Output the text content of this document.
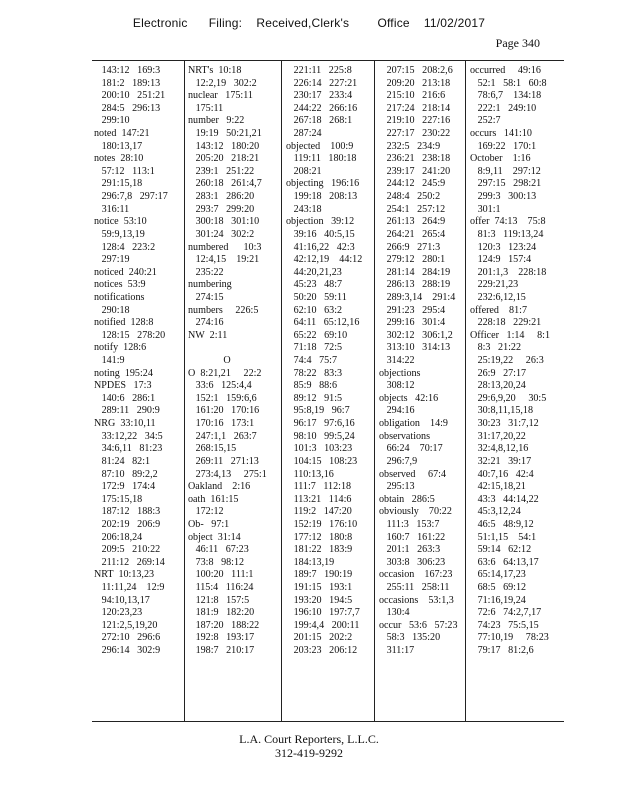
Electronic      Filing:    Received,Clerk's        Office    11/02/2017
Page 340
143:12   169:3
181:2   189:13
200:10   251:21
284:5   296:13
299:10
noted  147:21
180:13,17
notes  28:10
57:12   113:1
291:15,18
296:7,8   297:17
316:11
notice  53:10
59:9,13,19
128:4   223:2
297:19
noticed  240:21
notices  53:9
notifications
290:18
notified  128:8
128:15   278:20
notify  128:6
141:9
noting  195:24
NPDES   17:3
140:6   286:1
289:11   290:9
NRG  33:10,11
33:12,22   34:5
34:6,11   81:23
81:24   82:1
87:10   89:2,2
172:9   174:4
175:15,18
187:12   188:3
202:19   206:9
206:18,24
209:5   210:22
211:12   269:14
NRT  10:13,23
11:11,24    12:9
94:10,13,17
120:23,23
121:2,5,19,20
272:10   296:6
296:14   302:9
NRT's  10:18
12:2,19   302:2
nuclear   175:11
175:11
number   9:22
19:19   50:21,21
143:12   180:20
205:20   218:21
239:1   251:22
260:18   261:4,7
283:1   286:20
293:7   299:20
300:18   301:10
301:24   302:2
numbered      10:3
12:4,15    19:21
235:22
numbering
274:15
numbers     226:5
274:16
NW  2:11
O
O  8:21,21     22:2
33:6   125:4,4
152:1   159:6,6
161:20   170:16
170:16   173:1
247:1,1   263:7
268:15,15
269:11   271:13
273:4,13     275:1
Oakland    2:16
oath  161:15
172:12
Ob-   97:1
object  31:14
46:11   67:23
73:8   98:12
100:20   111:1
115:4   116:24
121:8   157:5
181:9   182:20
187:20   188:22
192:8   193:17
198:7   210:17
221:11   225:8
226:14   227:21
230:17   233:4
244:22   266:16
267:18   268:1
287:24
objected    100:9
119:11   180:18
208:21
objecting   196:16
199:18   208:13
243:18
objection   39:12
39:16   40:5,15
41:16,22   42:3
42:12,19    44:12
44:20,21,23
45:23   48:7
50:20   59:11
62:10   63:2
64:11   65:12,16
65:22   69:10
71:18   72:5
74:4   75:7
78:22   83:3
85:9   88:6
89:12   91:5
95:8,19   96:7
96:17   97:6,16
98:10   99:5,24
101:3   103:23
104:15   108:23
110:13,16
111:7   112:18
113:21   114:6
119:2   147:20
152:19   176:10
177:12   180:8
181:22   183:9
184:13,19
189:7   190:19
191:15   193:1
193:20   194:5
196:10   197:7,7
199:4,4   200:11
201:15   202:2
203:23   206:12
207:15   208:2,6
209:20   213:18
215:10   216:6
217:24   218:14
219:10   227:16
227:17   230:22
232:5   234:9
236:21   238:18
239:17   241:20
244:12   245:9
248:4   250:2
254:1   257:12
261:13   264:9
264:21   265:4
266:9   271:3
279:12   280:1
281:14   284:19
286:13   288:19
289:3,14    291:4
291:23   295:4
299:16   301:4
302:12   306:1,2
313:10   314:13
314:22
objections
308:12
objects   42:16
294:16
obligation    14:9
observations
66:24    70:17
296:7,9
observed     67:4
295:13
obtain   286:5
obviously    70:22
111:3   153:7
160:7   161:22
201:1   263:3
303:8   306:23
occasion    167:23
255:11   258:11
occasions    53:1,3
130:4
occur   53:6   57:23
58:3   135:20
311:17
occurred     49:16
52:1   58:1   60:8
78:6,7    134:18
222:1   249:10
252:7
occurs   141:10
169:22   170:1
October    1:16
8:9,11    297:12
297:15   298:21
299:3   300:13
301:1
offer  74:13    75:8
81:3   119:13,24
120:3   123:24
124:9   157:4
201:1,3    228:18
229:21,23
232:6,12,15
offered    81:7
228:18   229:21
Officer   1:14     8:1
8:3   21:22
25:19,22     26:3
26:9   27:17
28:13,20,24
29:6,9,20     30:5
30:8,11,15,18
30:23   31:7,12
31:17,20,22
32:4,8,12,16
32:21   39:17
40:7,16   42:4
42:15,18,21
43:3   44:14,22
45:3,12,24
46:5   48:9,12
51:1,15    54:1
59:14   62:12
63:6   64:13,17
65:14,17,23
68:5   69:12
71:16,19,24
72:6   74:2,7,17
74:23   75:5,15
77:10,19     78:23
79:17   81:2,6
L.A. Court Reporters, L.L.C.
312-419-9292
